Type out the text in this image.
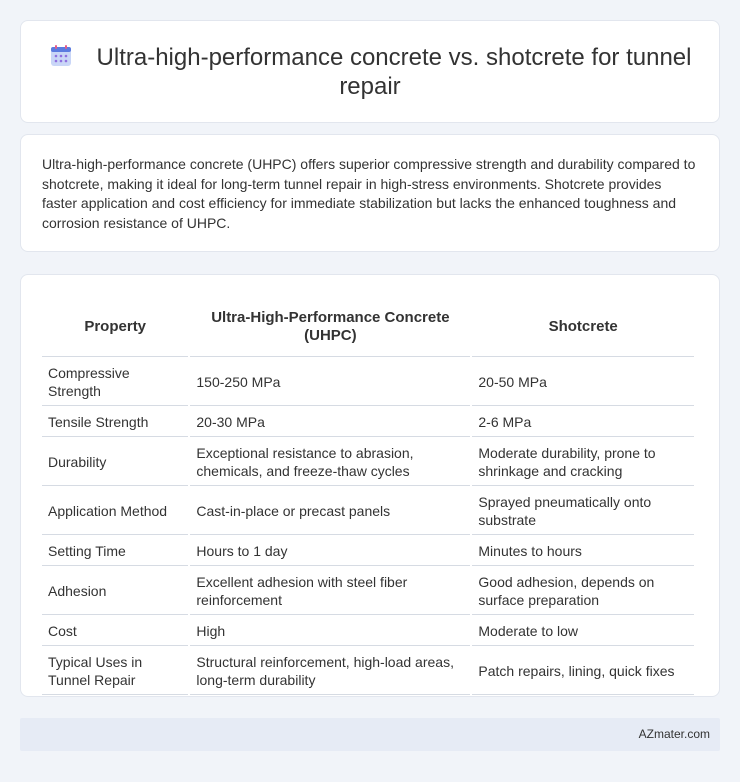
Ultra-high-performance concrete vs. shotcrete for tunnel repair

Ultra-high-performance concrete (UHPC) offers superior compressive strength and durability compared to shotcrete, making it ideal for long-term tunnel repair in high-stress environments. Shotcrete provides faster application and cost efficiency for immediate stabilization but lacks the enhanced toughness and corrosion resistance of UHPC.

Property	Ultra-High-Performance Concrete (UHPC)	Shotcrete
Compressive Strength	150-250 MPa	20-50 MPa
Tensile Strength	20-30 MPa	2-6 MPa
Durability	Exceptional resistance to abrasion, chemicals, and freeze-thaw cycles	Moderate durability, prone to shrinkage and cracking
Application Method	Cast-in-place or precast panels	Sprayed pneumatically onto substrate
Setting Time	Hours to 1 day	Minutes to hours
Adhesion	Excellent adhesion with steel fiber reinforcement	Good adhesion, depends on surface preparation
Cost	High	Moderate to low
Typical Uses in Tunnel Repair	Structural reinforcement, high-load areas, long-term durability	Patch repairs, lining, quick fixes
AZmater.com
